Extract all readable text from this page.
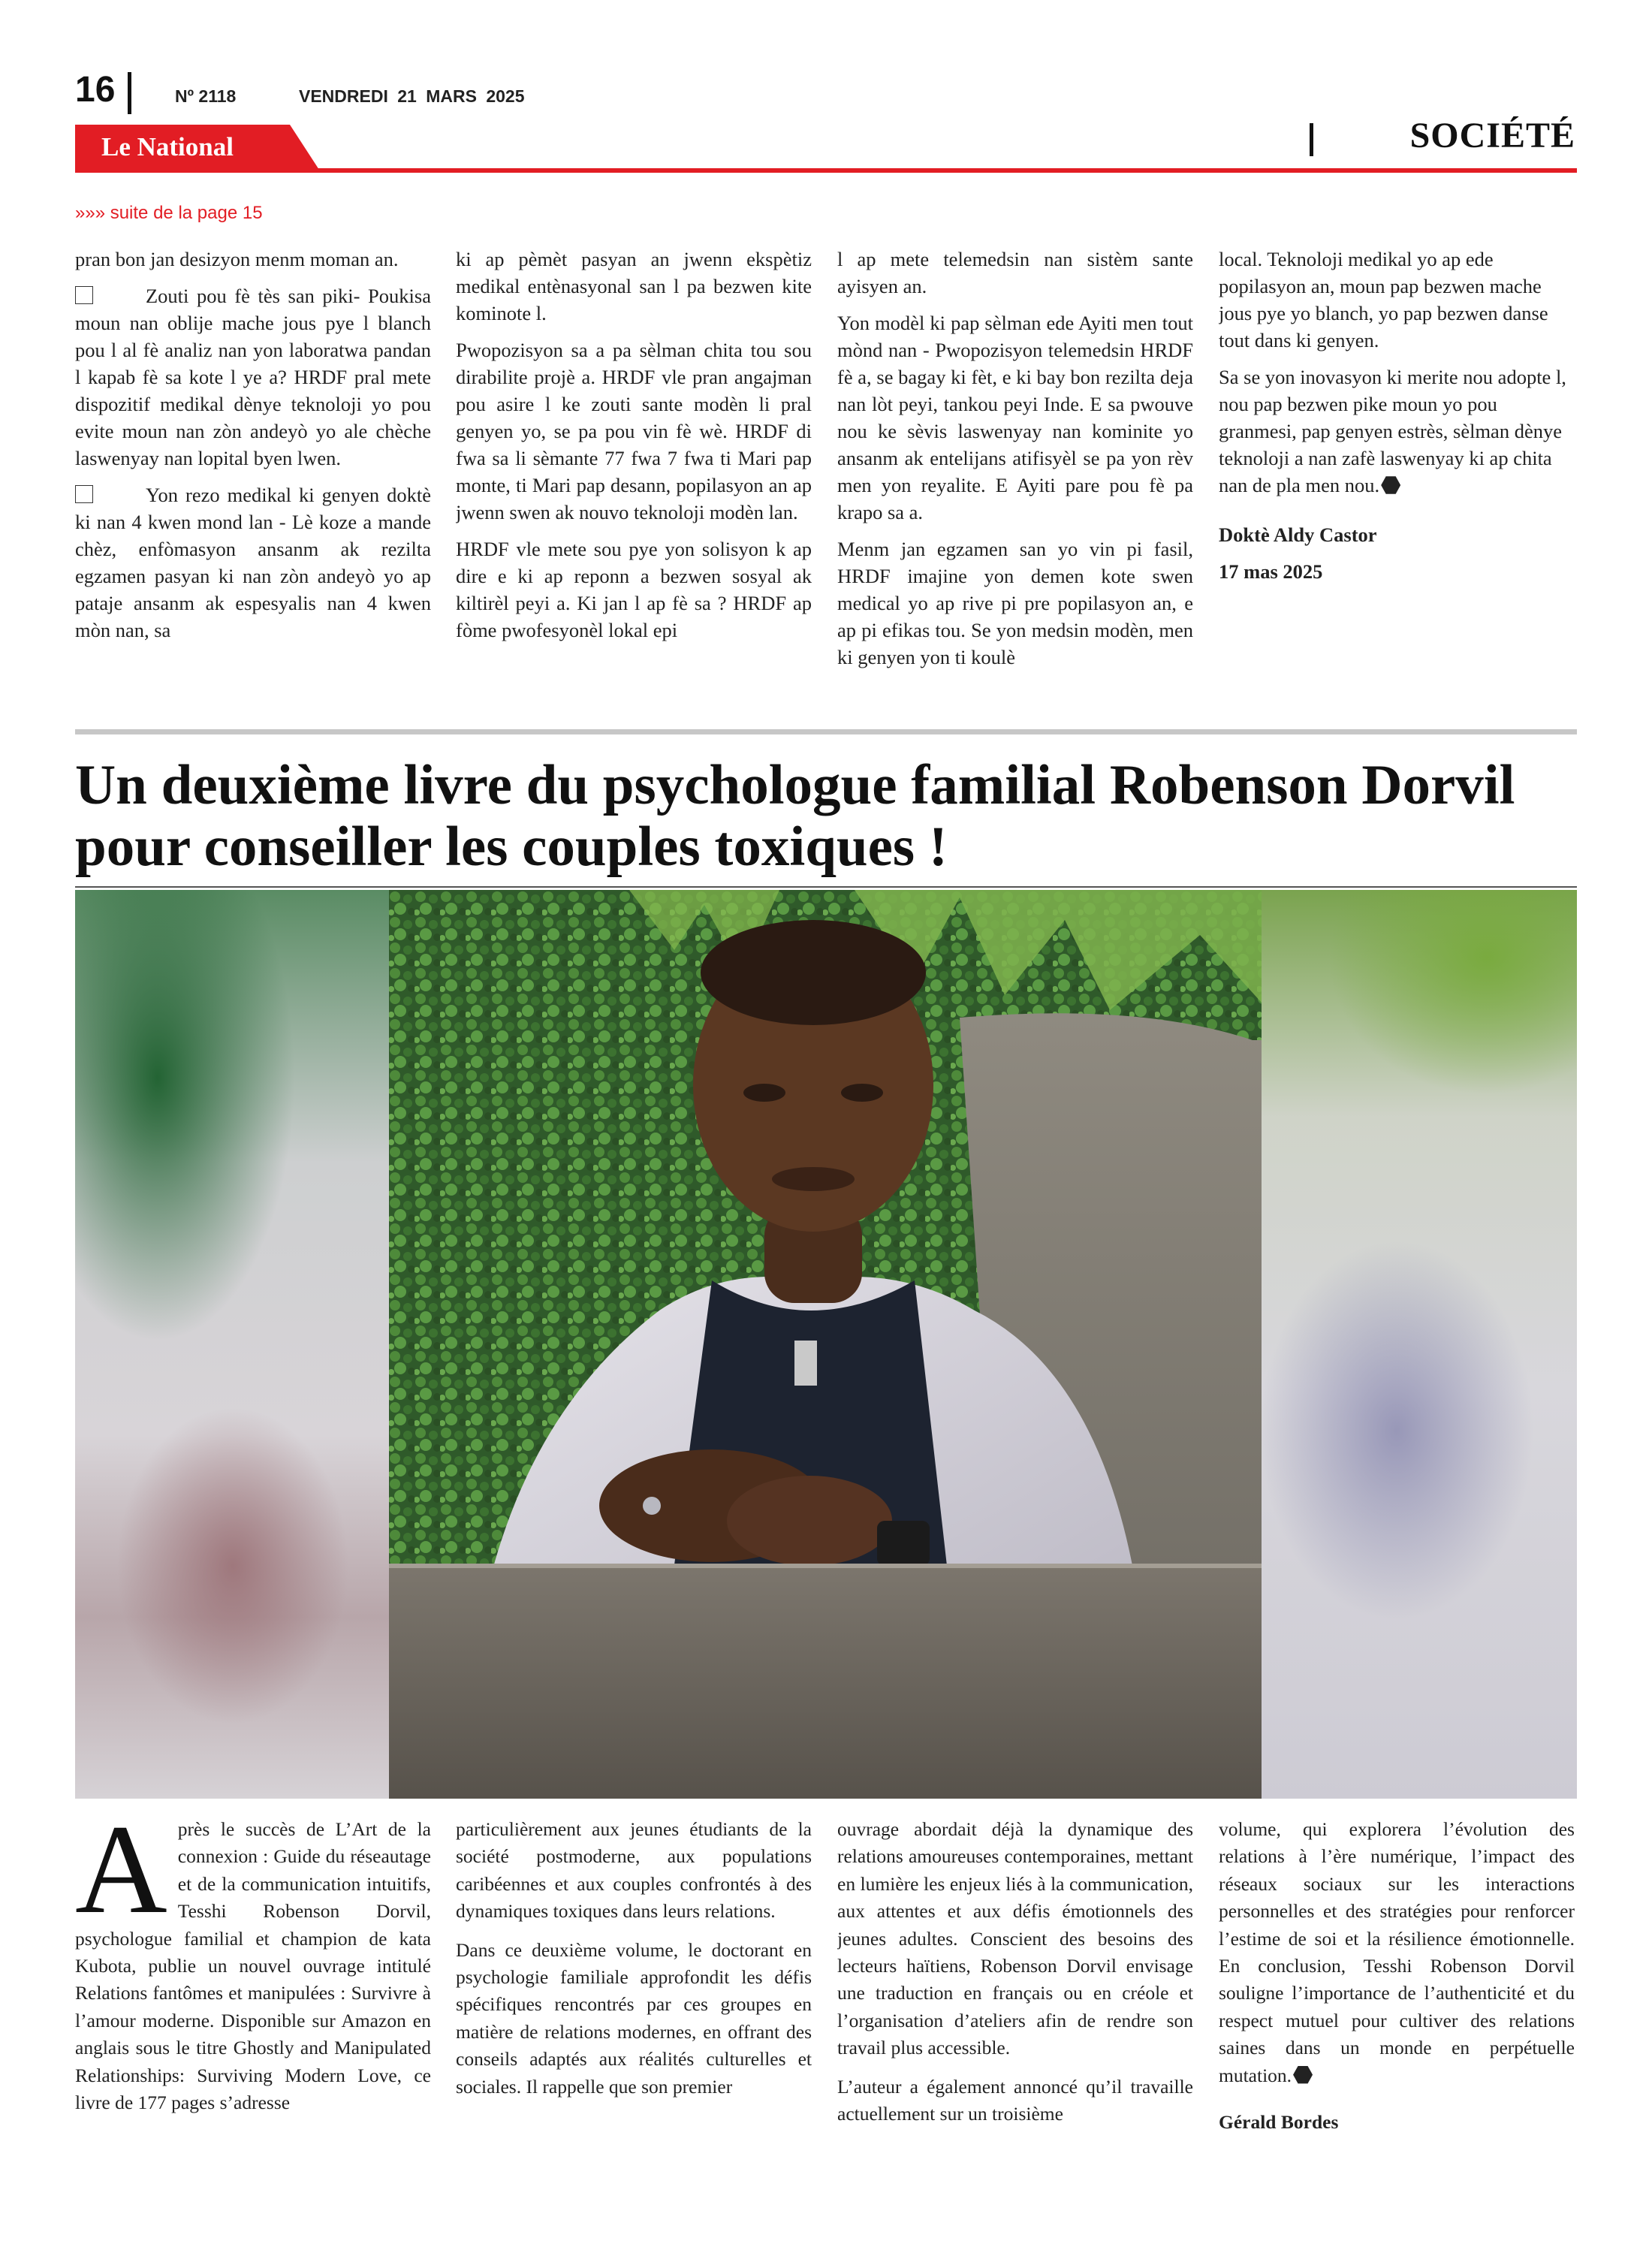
16	Nº 2118	VENDREDI 21 MARS 2025
Le National	SOCIÉTÉ
»»» suite de la page 15

pran bon jan desizyon menm moman an.

Zouti pou fè tès san piki- Poukisa moun nan oblije mache jous pye l blanch pou l al fè analiz nan yon laboratwa pandan l kapab fè sa kote l ye a? HRDF pral mete dispozitif medikal dènye teknoloji yo pou evite moun nan zòn andeyò yo ale chèche laswenyay nan lopital byen lwen.

Yon rezo medikal ki genyen doktè ki nan 4 kwen mond lan - Lè koze a mande chèz, enfòmasyon ansanm ak rezilta egzamen pasyan ki nan zòn andeyò yo ap pataje ansanm ak espesyalis nan 4 kwen mòn nan, sa

ki ap pèmèt pasyan an jwenn ekspètiz medikal entènasyonal san l pa bezwen kite kominote l.

Pwopozisyon sa a pa sèlman chita tou sou dirabilite projè a. HRDF vle pran angajman pou asire l ke zouti sante modèn li pral genyen yo, se pa pou vin fè wè. HRDF di fwa sa li sèmante 77 fwa 7 fwa ti Mari pap monte, ti Mari pap desann, popilasyon an ap jwenn swen ak nouvo teknoloji modèn lan.

HRDF vle mete sou pye yon solisyon k ap dire e ki ap reponn a bezwen sosyal ak kiltirèl peyi a. Ki jan l ap fè sa ? HRDF ap fòme pwofesyonèl lokal epi

l ap mete telemedsin nan sistèm sante ayisyen an.

Yon modèl ki pap sèlman ede Ayiti men tout mònd nan - Pwopozisyon telemedsin HRDF fè a, se bagay ki fèt, e ki bay bon rezilta deja nan lòt peyi, tankou peyi Inde. E sa pwouve nou ke sèvis laswenyay nan kominite yo ansanm ak entelijans atifisyèl se pa yon rèv men yon reyalite. E Ayiti pare pou fè pa krapo sa a.

Menm jan egzamen san yo vin pi fasil, HRDF imajine yon demen kote swen medical yo ap rive pi pre popilasyon an, e ap pi efikas tou. Se yon medsin modèn, men ki genyen yon ti koulè

local. Teknoloji medikal yo ap ede popilasyon an, moun pap bezwen mache jous pye yo blanch, yo pap bezwen danse tout dans ki genyen.

Sa se yon inovasyon ki merite nou adopte l, nou pap bezwen pike moun yo pou granmesi, pap genyen estrès, sèlman dènye teknoloji a nan zafè laswenyay ki ap chita nan de pla men nou.

Doktè Aldy Castor

17 mas 2025

Un deuxième livre du psychologue familial Robenson Dorvil pour conseiller les couples toxiques !

Après le succès de L’Art de la connexion : Guide du réseautage et de la communication intuitifs, Tesshi Robenson Dorvil, psychologue familial et champion de kata Kubota, publie un nouvel ouvrage intitulé Relations fantômes et manipulées : Survivre à l’amour moderne. Disponible sur Amazon en anglais sous le titre Ghostly and Manipulated Relationships: Surviving Modern Love, ce livre de 177 pages s’adresse

particulièrement aux jeunes étudiants de la société postmoderne, aux populations caribéennes et aux couples confrontés à des dynamiques toxiques dans leurs relations.

Dans ce deuxième volume, le doctorant en psychologie familiale approfondit les défis spécifiques rencontrés par ces groupes en matière de relations modernes, en offrant des conseils adaptés aux réalités culturelles et sociales. Il rappelle que son premier

ouvrage abordait déjà la dynamique des relations amoureuses contemporaines, mettant en lumière les enjeux liés à la communication, aux attentes et aux défis émotionnels des jeunes adultes. Conscient des besoins des lecteurs haïtiens, Robenson Dorvil envisage une traduction en français ou en créole et l’organisation d’ateliers afin de rendre son travail plus accessible.

L’auteur a également annoncé qu’il travaille actuellement sur un troisième

volume, qui explorera l’évolution des relations à l’ère numérique, l’impact des réseaux sociaux sur les interactions personnelles et des stratégies pour renforcer l’estime de soi et la résilience émotionnelle. En conclusion, Tesshi Robenson Dorvil souligne l’importance de l’authenticité et du respect mutuel pour cultiver des relations saines dans un monde en perpétuelle mutation.

Gérald Bordes
